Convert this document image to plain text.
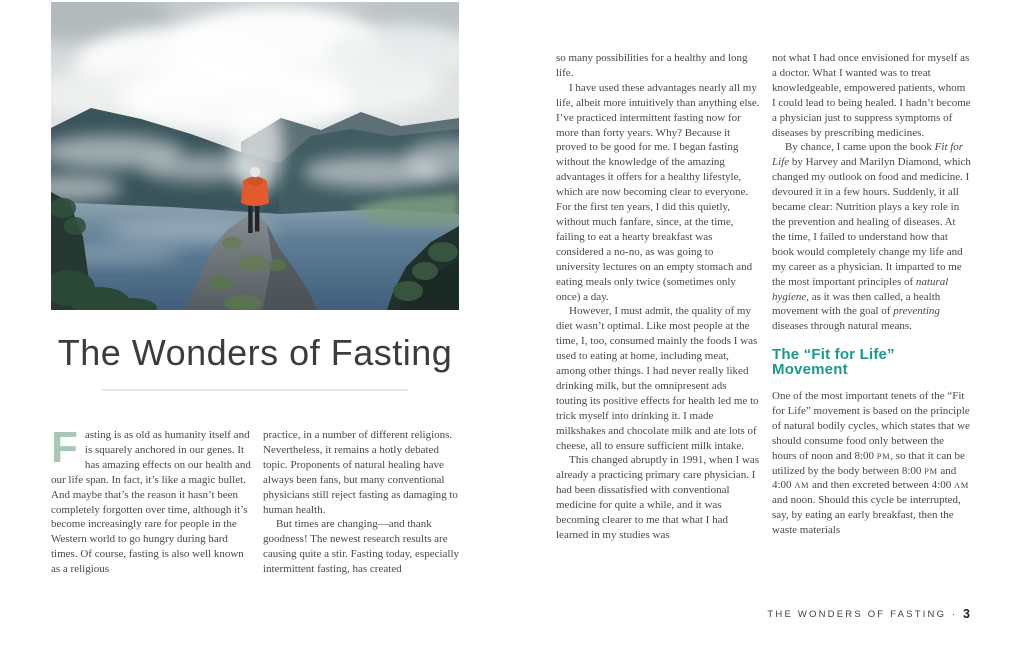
The Wonders of Fasting
F asting is as old as humanity itself and is squarely anchored in our genes. It has amazing effects on our health and our life span. In fact, it’s like a magic bullet. And maybe that’s the reason it hasn’t been completely forgotten over time, although it’s become increasingly rare for people in the Western world to go hungry during hard times. Of course, fasting is also well known as a religious

practice, in a number of different religions. Nevertheless, it remains a hotly debated topic. Proponents of natural healing have always been fans, but many conventional physicians still reject fasting as damaging to human health.

But times are changing—and thank goodness! The newest research results are causing quite a stir. Fasting today, especially intermittent fasting, has created

so many possibilities for a healthy and long life.

I have used these advantages nearly all my life, albeit more intuitively than anything else. I’ve practiced intermittent fasting now for more than forty years. Why? Because it proved to be good for me. I began fasting without the knowledge of the amazing advantages it offers for a healthy lifestyle, which are now becoming clear to everyone. For the first ten years, I did this quietly, without much fanfare, since, at the time, failing to eat a hearty breakfast was considered a no-no, as was going to university lectures on an empty stomach and eating meals only twice (sometimes only once) a day.

However, I must admit, the quality of my diet wasn’t optimal. Like most people at the time, I, too, consumed mainly the foods I was used to eating at home, including meat, among other things. I had never really liked drinking milk, but the omnipresent ads touting its positive effects for health led me to trick myself into drinking it. I made milkshakes and chocolate milk and ate lots of cheese, all to ensure sufficient milk intake.

This changed abruptly in 1991, when I was already a practicing primary care physician. I had been dissatisfied with conventional medicine for quite a while, and it was becoming clearer to me that what I had learned in my studies was

not what I had once envisioned for myself as a doctor. What I wanted was to treat knowledgeable, empowered patients, whom I could lead to being healed. I hadn’t become a physician just to suppress symptoms of diseases by prescribing medicines.

By chance, I came upon the book Fit for Life by Harvey and Marilyn Diamond, which changed my outlook on food and medicine. I devoured it in a few hours. Suddenly, it all became clear: Nutrition plays a key role in the prevention and healing of diseases. At the time, I failed to understand how that book would completely change my life and my career as a physician. It imparted to me the most important principles of natural hygiene, as it was then called, a health movement with the goal of preventing diseases through natural means.

The “Fit for Life” Movement

One of the most important tenets of the “Fit for Life” movement is based on the principle of natural bodily cycles, which states that we should consume food only between the hours of noon and 8:00 PM, so that it can be utilized by the body between 8:00 PM and 4:00 AM and then excreted between 4:00 AM and noon. Should this cycle be interrupted, say, by eating an early breakfast, then the waste materials

THE WONDERS OF FASTING · 3
